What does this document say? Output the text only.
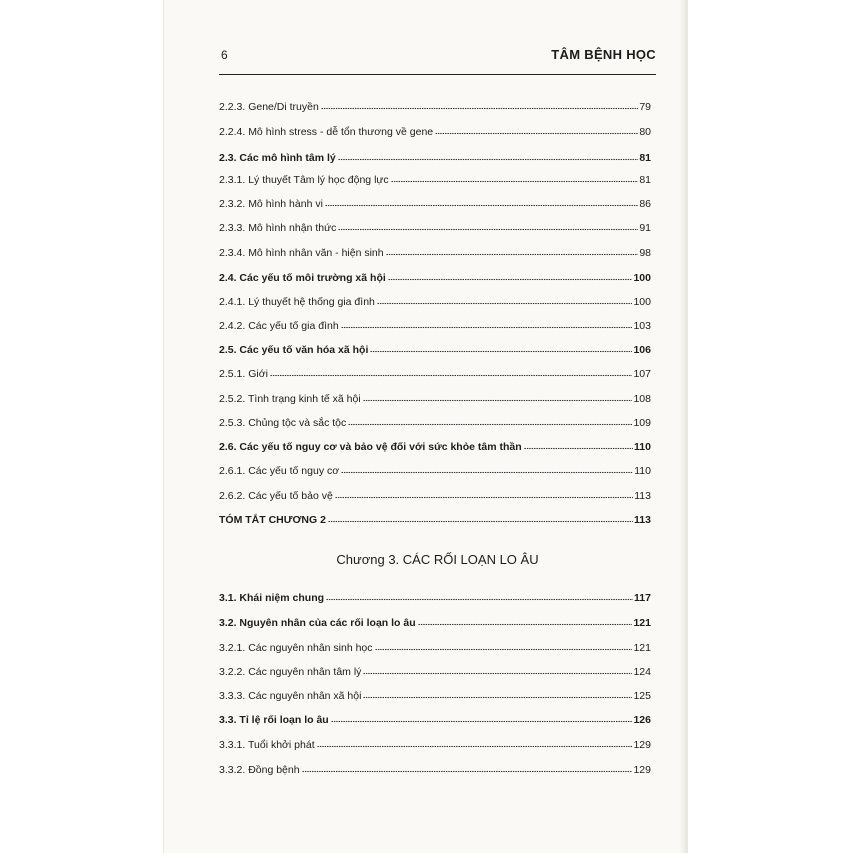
6	TÂM BỆNH HỌC
2.2.3. Gene/Di truyền	79
2.2.4. Mô hình stress - dễ tổn thương về gene	80
2.3. Các mô hình tâm lý	81
2.3.1. Lý thuyết Tâm lý học động lực	81
2.3.2. Mô hình hành vi	86
2.3.3. Mô hình nhận thức	91
2.3.4. Mô hình nhân văn - hiện sinh	98
2.4. Các yếu tố môi trường xã hội	100
2.4.1. Lý thuyết hệ thống gia đình	100
2.4.2. Các yếu tố gia đình	103
2.5. Các yếu tố văn hóa xã hội	106
2.5.1. Giới	107
2.5.2. Tình trạng kinh tế xã hội	108
2.5.3. Chủng tộc và sắc tộc	109
2.6. Các yếu tố nguy cơ và bảo vệ đối với sức khỏe tâm thần	110
2.6.1. Các yếu tố nguy cơ	110
2.6.2. Các yếu tố bảo vệ	113
TÓM TẮT CHƯƠNG 2	113
3.1. Khái niệm chung	117
3.2. Nguyên nhân của các rối loạn lo âu	121
3.2.1. Các nguyên nhân sinh học	121
3.2.2. Các nguyên nhân tâm lý	124
3.3.3. Các nguyên nhân xã hội	125
3.3. Tỉ lệ rối loạn lo âu	126
3.3.1. Tuổi khởi phát	129
3.3.2. Đồng bệnh	129
Chương 3. CÁC RỐI LOẠN LO ÂU
